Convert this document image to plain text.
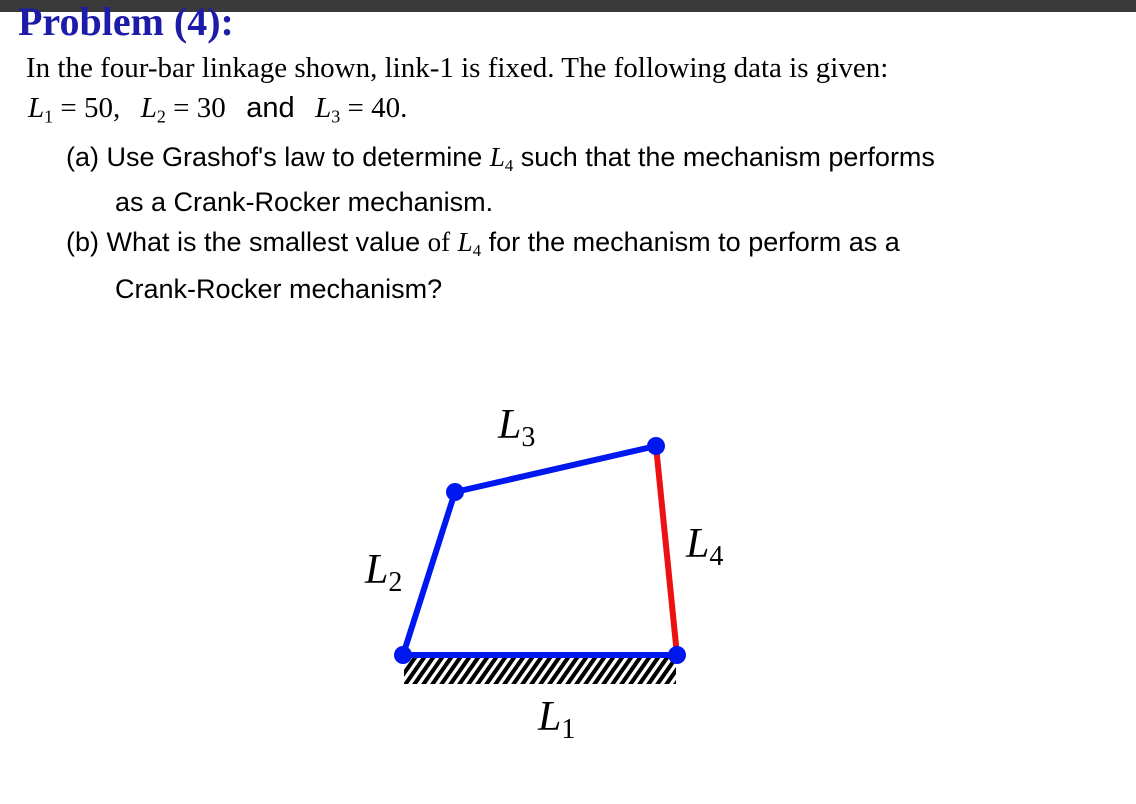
Problem (4):
In the four-bar linkage shown, link-1 is fixed. The following data is given:
$L_1 = 50$, $L_2 = 30$ and $L_3 = 40$.
(a) Use Grashof's law to determine $L_4$ such that the mechanism performs
as a Crank-Rocker mechanism.
(b) What is the smallest value of $L_4$ for the mechanism to perform as a
Crank-Rocker mechanism?
L3
L2
L4
L1
